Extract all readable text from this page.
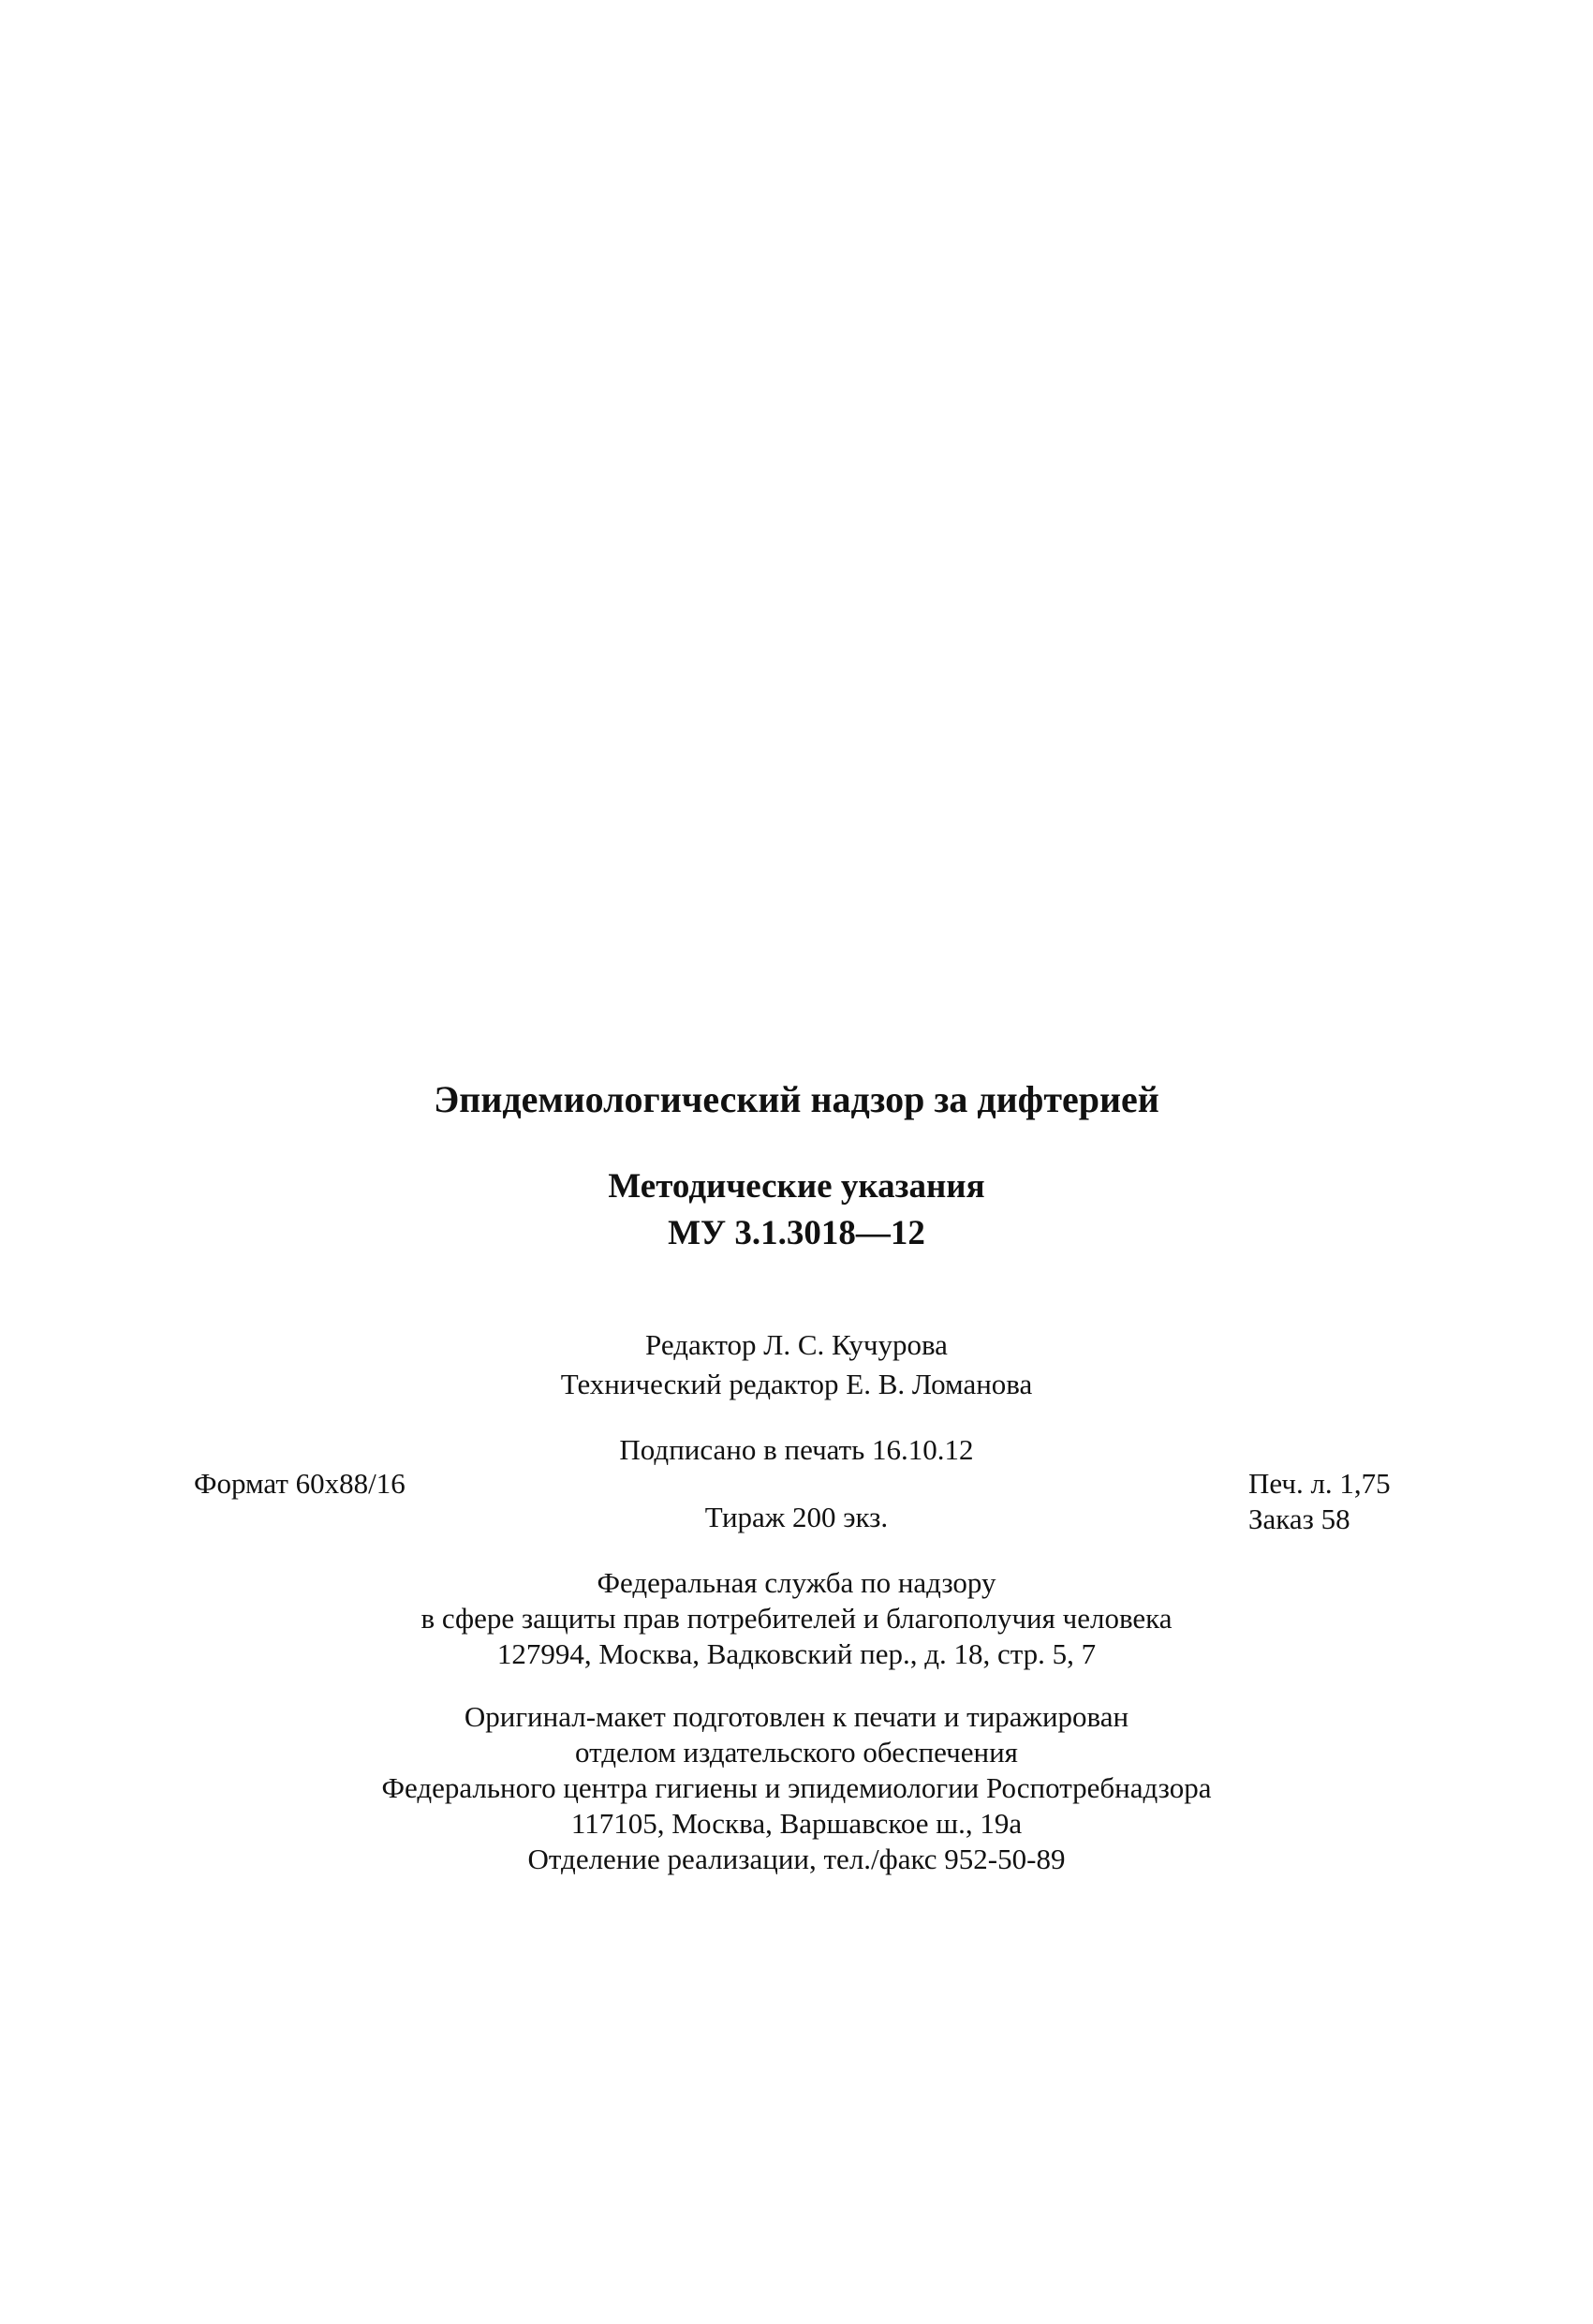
Эпидемиологический надзор за дифтерией
Методические указания
МУ 3.1.3018—12
Редактор Л. С. Кучурова
Технический редактор Е. В. Ломанова
Подписано в печать 16.10.12
Формат 60x88/16	Печ. л. 1,75
Тираж 200 экз.	Заказ 58
Федеральная служба по надзору
в сфере защиты прав потребителей и благополучия человека
127994, Москва, Вадковский пер., д. 18, стр. 5, 7
Оригинал-макет подготовлен к печати и тиражирован
отделом издательского обеспечения
Федерального центра гигиены и эпидемиологии Роспотребнадзора
117105, Москва, Варшавское ш., 19а
Отделение реализации, тел./факс 952-50-89
